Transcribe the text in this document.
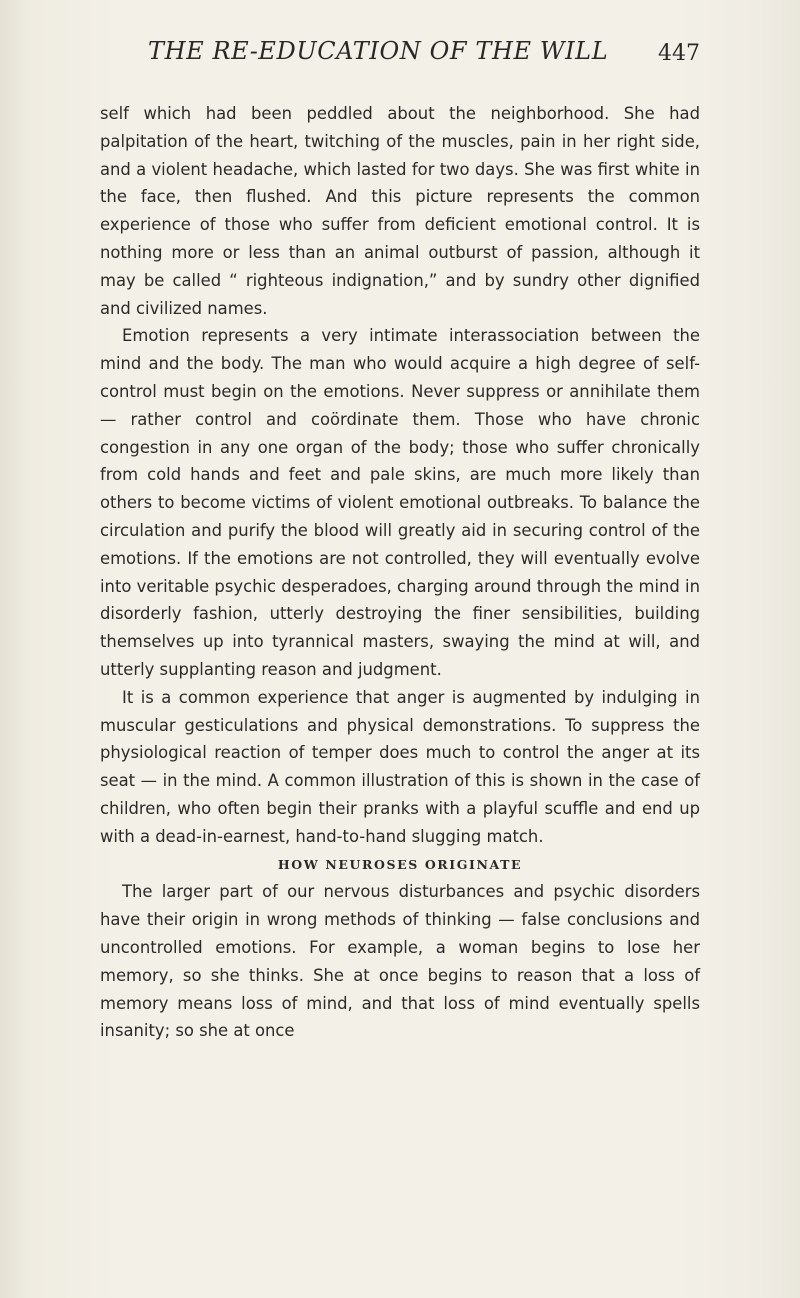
THE RE-EDUCATION OF THE WILL 447

self which had been peddled about the neighborhood. She had palpitation of the heart, twitching of the muscles, pain in her right side, and a violent headache, which lasted for two days. She was first white in the face, then flushed. And this picture represents the common experience of those who suffer from deficient emotional control. It is nothing more or less than an animal outburst of passion, although it may be called “ righteous indignation,” and by sundry other dignified and civilized names.

Emotion represents a very intimate interassociation between the mind and the body. The man who would acquire a high degree of self-control must begin on the emotions. Never suppress or annihilate them — rather control and coördinate them. Those who have chronic congestion in any one organ of the body; those who suffer chronically from cold hands and feet and pale skins, are much more likely than others to become victims of violent emotional outbreaks. To balance the circulation and purify the blood will greatly aid in securing control of the emotions. If the emotions are not controlled, they will eventually evolve into veritable psychic desperadoes, charging around through the mind in disorderly fashion, utterly destroying the finer sensibilities, building themselves up into tyrannical masters, swaying the mind at will, and utterly supplanting reason and judgment.

It is a common experience that anger is augmented by indulging in muscular gesticulations and physical demonstrations. To suppress the physiological reaction of temper does much to control the anger at its seat — in the mind. A common illustration of this is shown in the case of children, who often begin their pranks with a playful scuffle and end up with a dead-in-earnest, hand-to-hand slugging match.

HOW NEUROSES ORIGINATE

The larger part of our nervous disturbances and psychic disorders have their origin in wrong methods of thinking — false conclusions and uncontrolled emotions. For example, a woman begins to lose her memory, so she thinks. She at once begins to reason that a loss of memory means loss of mind, and that loss of mind eventually spells insanity; so she at once
